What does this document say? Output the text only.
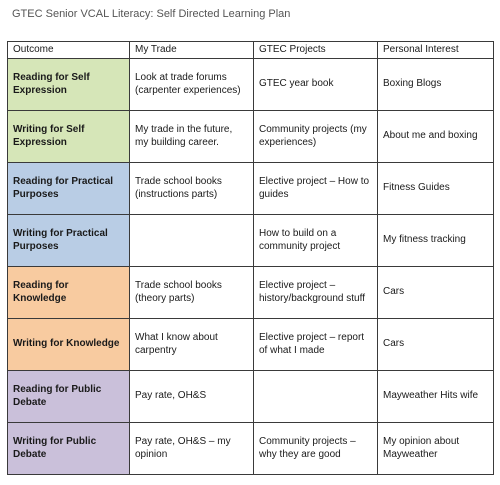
GTEC Senior VCAL Literacy: Self Directed Learning Plan
Outcome	My Trade	GTEC Projects	Personal Interest
Reading for Self Expression	Look at trade forums (carpenter experiences)	GTEC year book	Boxing Blogs
Writing for Self Expression	My trade in the future, my building career.	Community projects (my experiences)	About me and boxing
Reading for Practical Purposes	Trade school books (instructions parts)	Elective project – How to guides	Fitness Guides
Writing for Practical Purposes		How to build on a community project	My fitness tracking
Reading for Knowledge	Trade school books (theory parts)	Elective project – history/background stuff	Cars
Writing for Knowledge	What I know about carpentry	Elective project – report of what I made	Cars
Reading for Public Debate	Pay rate, OH&S		Mayweather Hits wife
Writing for Public Debate	Pay rate, OH&S – my opinion	Community projects – why they are good	My opinion about Mayweather
